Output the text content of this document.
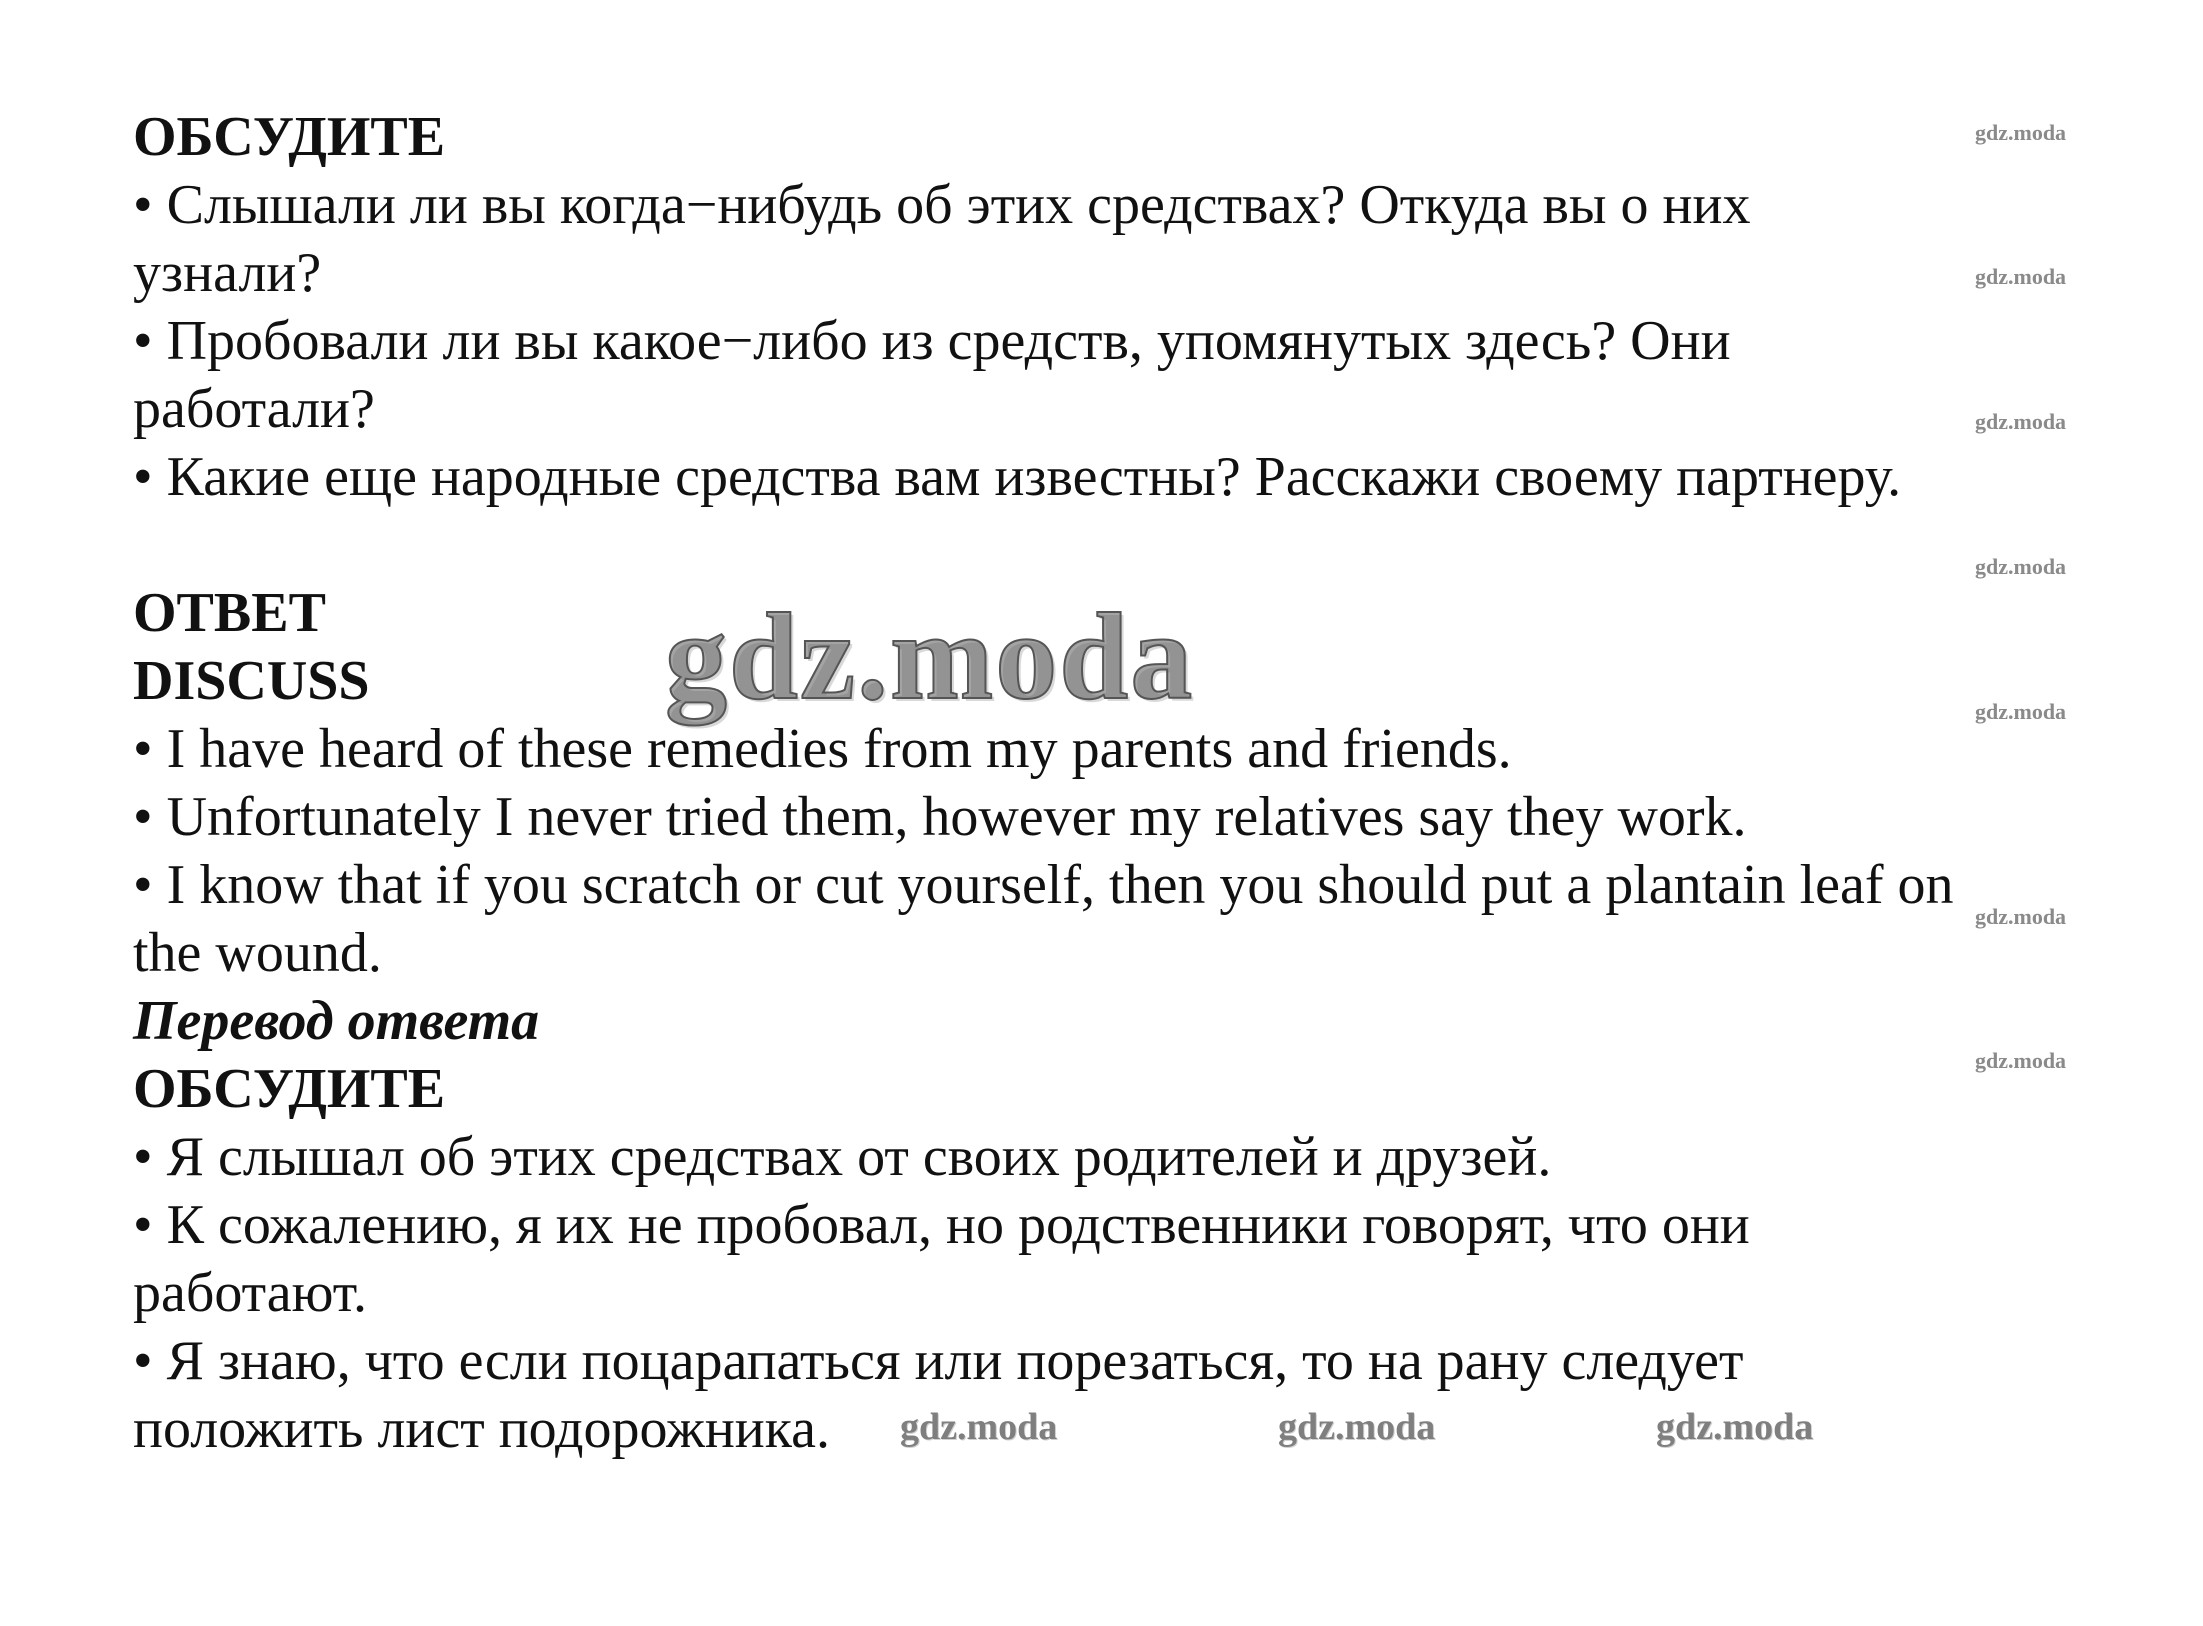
ОБСУДИТЕ

• Слышали ли вы когда−нибудь об этих средствах? Откуда вы о них

узнали?

• Пробовали ли вы какое−либо из средств, упомянутых здесь? Они

работали?

• Какие еще народные средства вам известны? Расскажи своему партнеру.

ОТВЕТ

DISCUSS

• I have heard of these remedies from my parents and friends.

• Unfortunately I never tried them, however my relatives say they work.

• I know that if you scratch or cut yourself, then you should put a plantain leaf on

the wound.

Перевод ответа

ОБСУДИТЕ

• Я слышал об этих средствах от своих родителей и друзей.

• К сожалению, я их не пробовал, но родственники говорят, что они

работают.

• Я знаю, что если поцарапаться или порезаться, то на рану следует

положить лист подорожника.

gdz.moda
gdz.moda
gdz.moda
gdz.moda
gdz.moda
gdz.moda
gdz.moda
gdz.moda
gdz.moda	gdz.moda	gdz.moda
